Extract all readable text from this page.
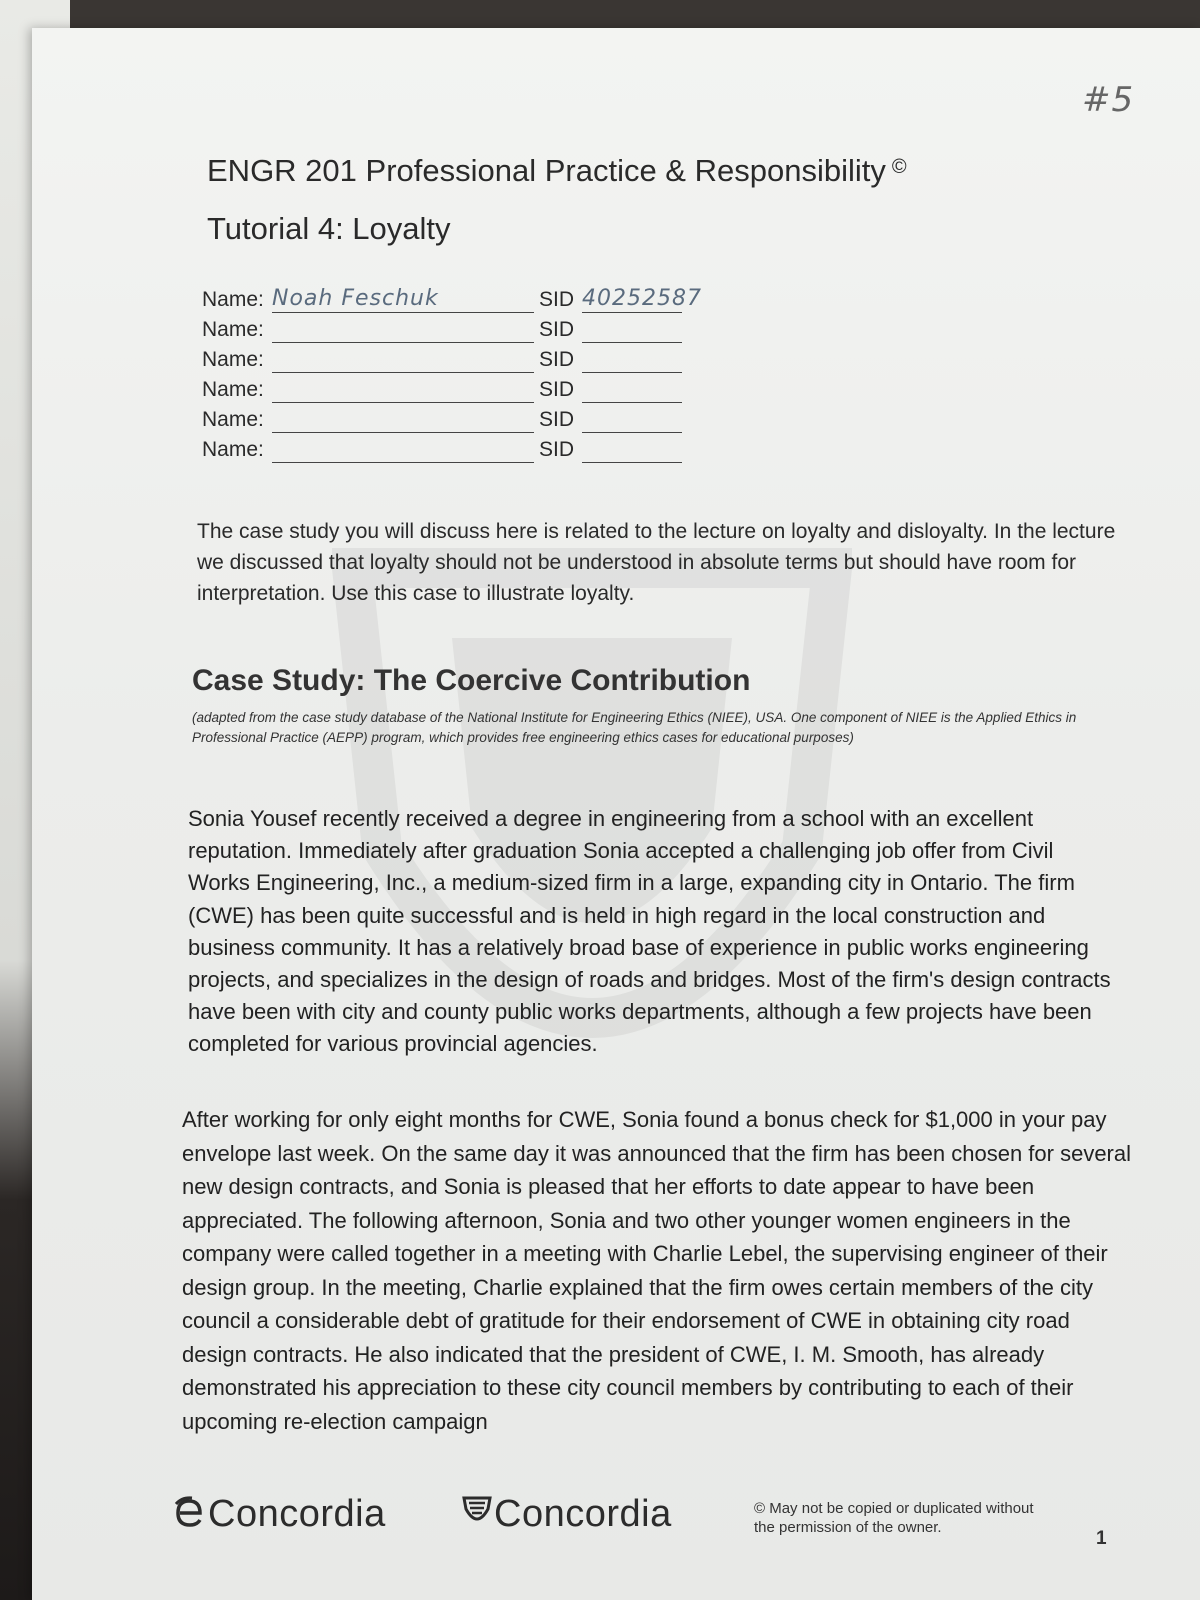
#5
ENGR 201 Professional Practice & Responsibility ©
Tutorial 4: Loyalty
Name: Noah Feschuk	SID 40252587
Name:	SID
Name:	SID
Name:	SID
Name:	SID
Name:	SID

The case study you will discuss here is related to the lecture on loyalty and disloyalty. In the lecture we discussed that loyalty should not be understood in absolute terms but should have room for interpretation. Use this case to illustrate loyalty.

Case Study: The Coercive Contribution

(adapted from the case study database of the National Institute for Engineering Ethics (NIEE), USA. One component of NIEE is the Applied Ethics in Professional Practice (AEPP) program, which provides free engineering ethics cases for educational purposes)

Sonia Yousef recently received a degree in engineering from a school with an excellent reputation. Immediately after graduation Sonia accepted a challenging job offer from Civil Works Engineering, Inc., a medium-sized firm in a large, expanding city in Ontario. The firm (CWE) has been quite successful and is held in high regard in the local construction and business community. It has a relatively broad base of experience in public works engineering projects, and specializes in the design of roads and bridges. Most of the firm's design contracts have been with city and county public works departments, although a few projects have been completed for various provincial agencies.

After working for only eight months for CWE, Sonia found a bonus check for $1,000 in your pay envelope last week. On the same day it was announced that the firm has been chosen for several new design contracts, and Sonia is pleased that her efforts to date appear to have been appreciated. The following afternoon, Sonia and two other younger women engineers in the company were called together in a meeting with Charlie Lebel, the supervising engineer of their design group. In the meeting, Charlie explained that the firm owes certain members of the city council a considerable debt of gratitude for their endorsement of CWE in obtaining city road design contracts. He also indicated that the president of CWE, I. M. Smooth, has already demonstrated his appreciation to these city council members by contributing to each of their upcoming re-election campaign

Concordia	Concordia	© May not be copied or duplicated without the permission of the owner.

1
